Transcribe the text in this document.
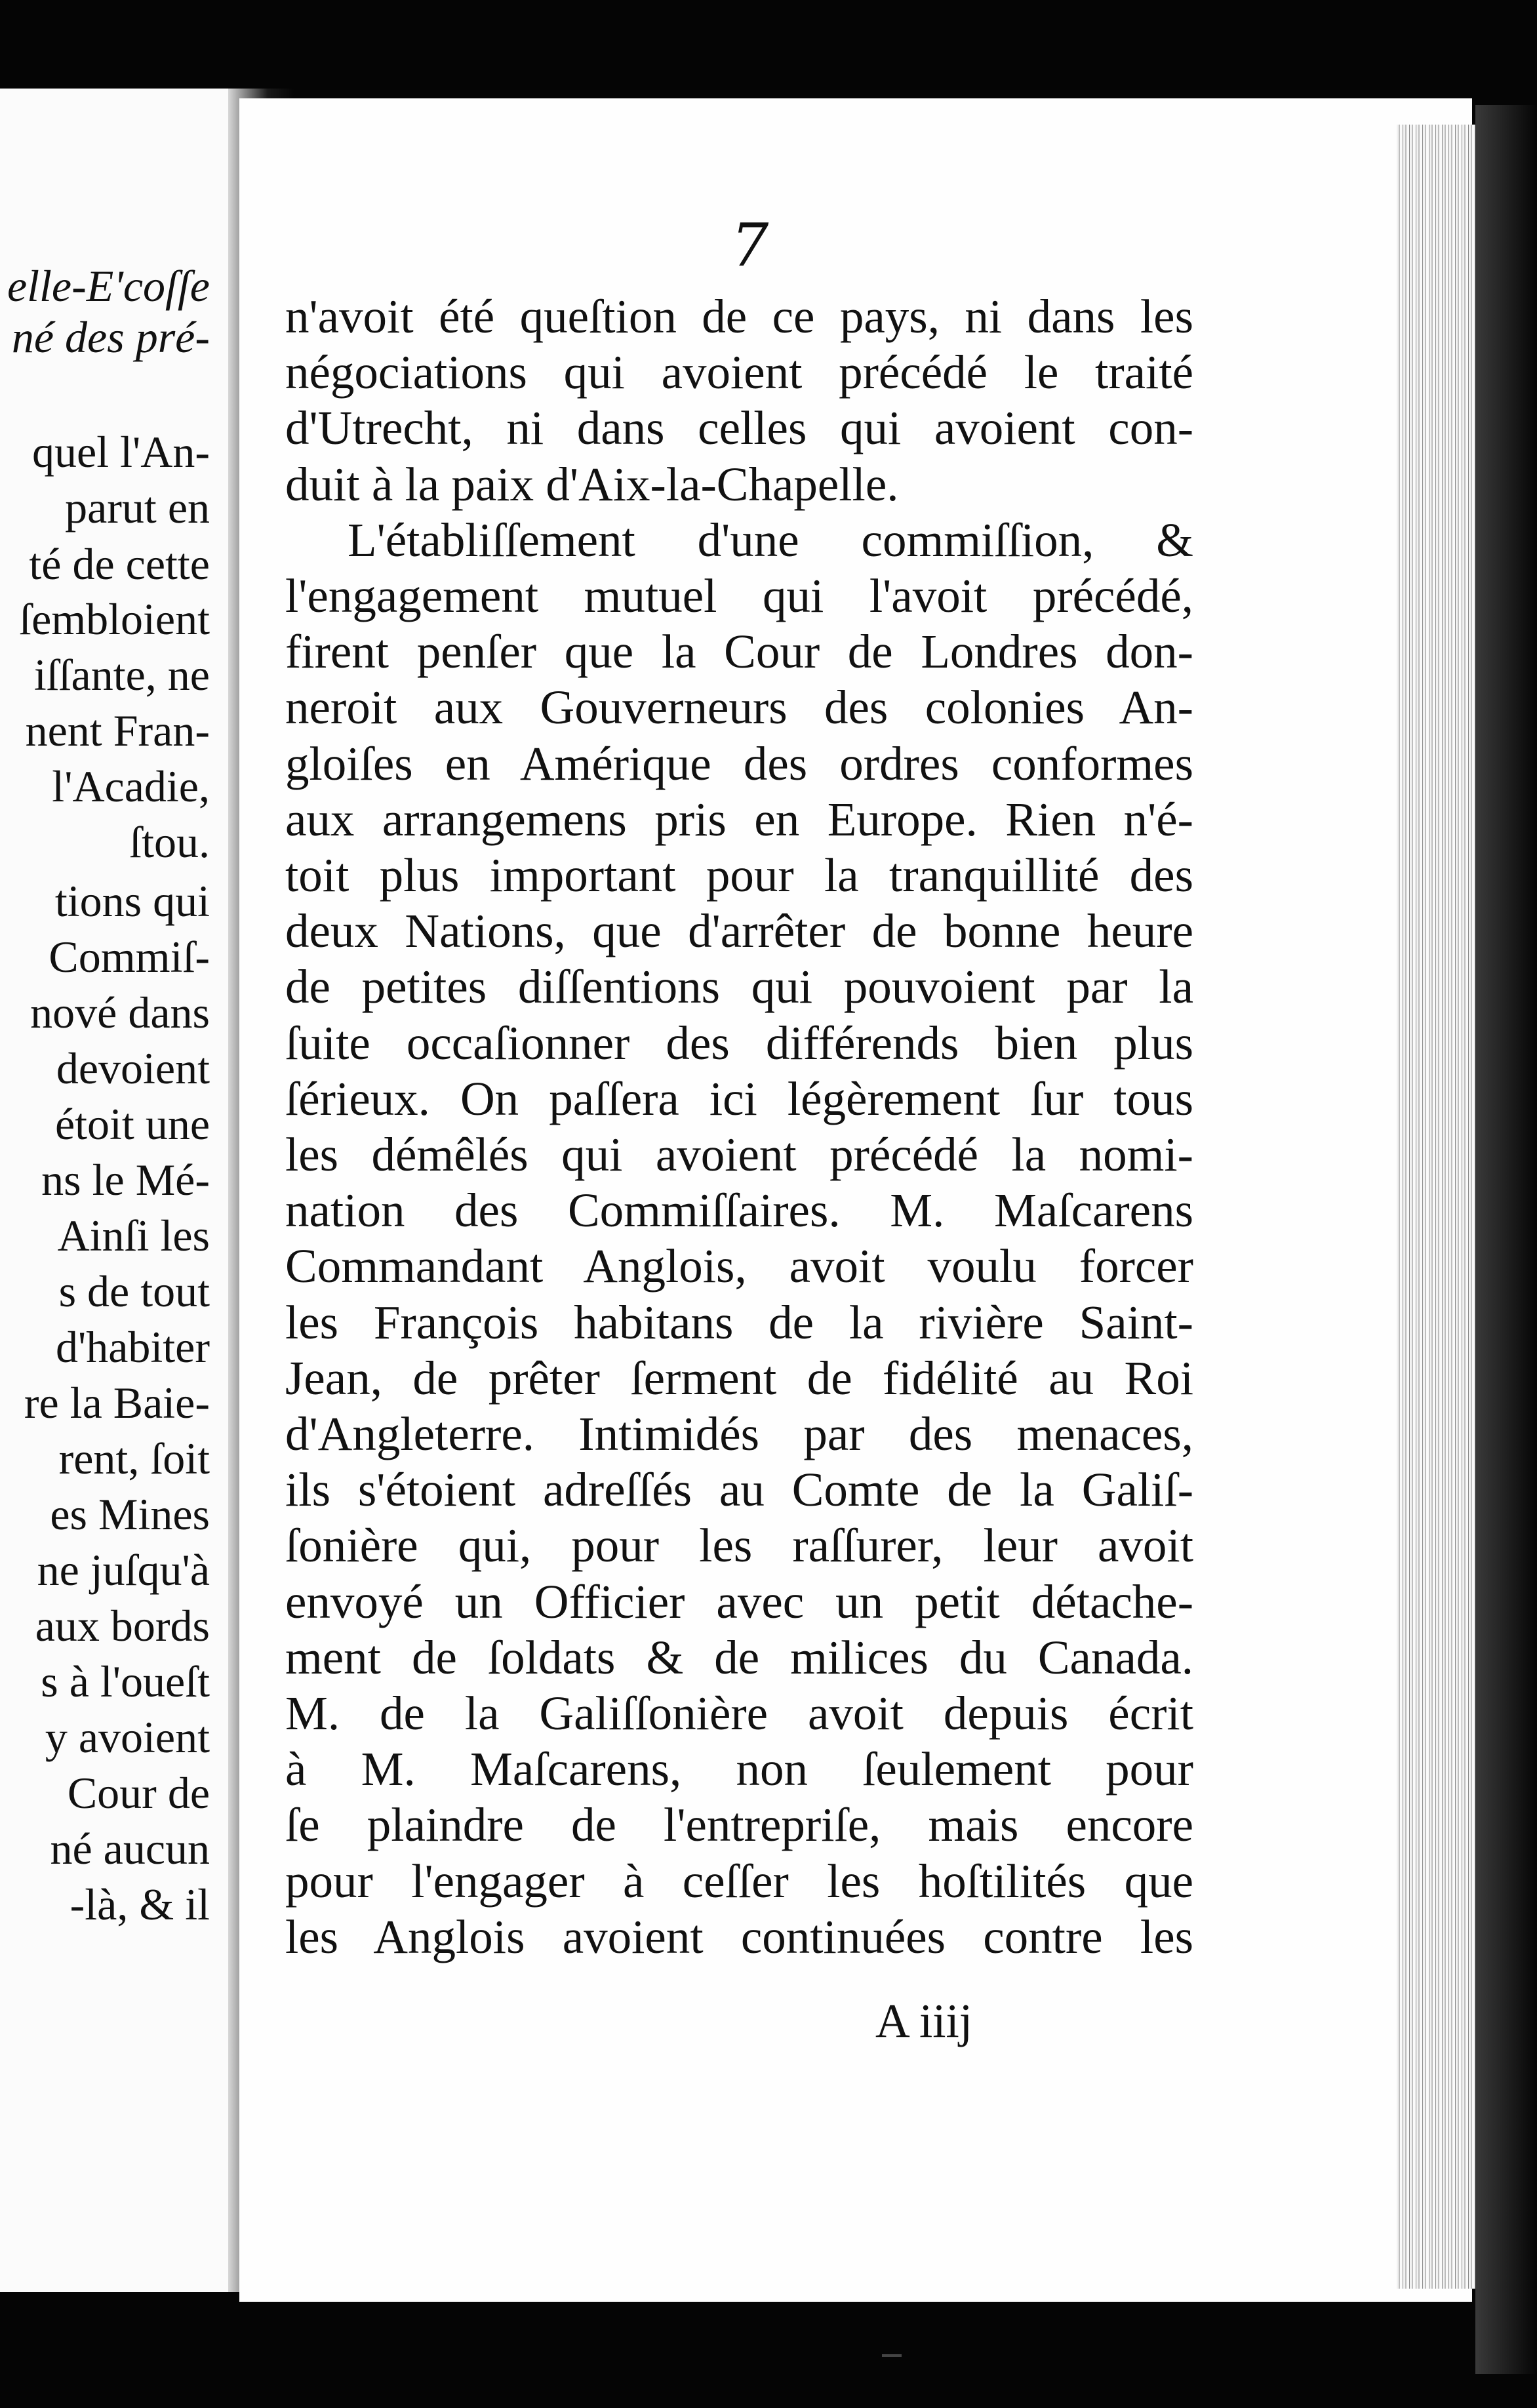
elle-E'coſſe
né des pré-
quel l'An-
parut en
té de cette
ſembloient
iſſante, ne
nent Fran-
l'Acadie,
ſtou.
tions qui
Commiſ-
nové dans
devoient
étoit une
ns le Mé-
Ainſi les
s de tout
d'habiter
re la Baie-
rent, ſoit
es Mines
ne juſqu'à
aux bords
s à l'oueſt
y avoient
Cour de
né aucun
-là, & il
7
n'avoit été queſtion de ce pays, ni dans les
négociations qui avoient précédé le traité
d'Utrecht, ni dans celles qui avoient con-
duit à la paix d'Aix-la-Chapelle.
L'établiſſement d'une commiſſion, &
l'engagement mutuel qui l'avoit précédé,
firent penſer que la Cour de Londres don-
neroit aux Gouverneurs des colonies An-
gloiſes en Amérique des ordres conformes
aux arrangemens pris en Europe. Rien n'é-
toit plus important pour la tranquillité des
deux Nations, que d'arrêter de bonne heure
de petites diſſentions qui pouvoient par la
ſuite occaſionner des différends bien plus
ſérieux. On paſſera ici légèrement ſur tous
les démêlés qui avoient précédé la nomi-
nation des Commiſſaires. M. Maſcarens
Commandant Anglois, avoit voulu forcer
les François habitans de la rivière Saint-
Jean, de prêter ſerment de fidélité au Roi
d'Angleterre. Intimidés par des menaces,
ils s'étoient adreſſés au Comte de la Galiſ-
ſonière qui, pour les raſſurer, leur avoit
envoyé un Officier avec un petit détache-
ment de ſoldats & de milices du Canada.
M. de la Galiſſonière avoit depuis écrit
à M. Maſcarens, non ſeulement pour
ſe plaindre de l'entrepriſe, mais encore
pour l'engager à ceſſer les hoſtilités que
les Anglois avoient continuées contre les
A iiij
